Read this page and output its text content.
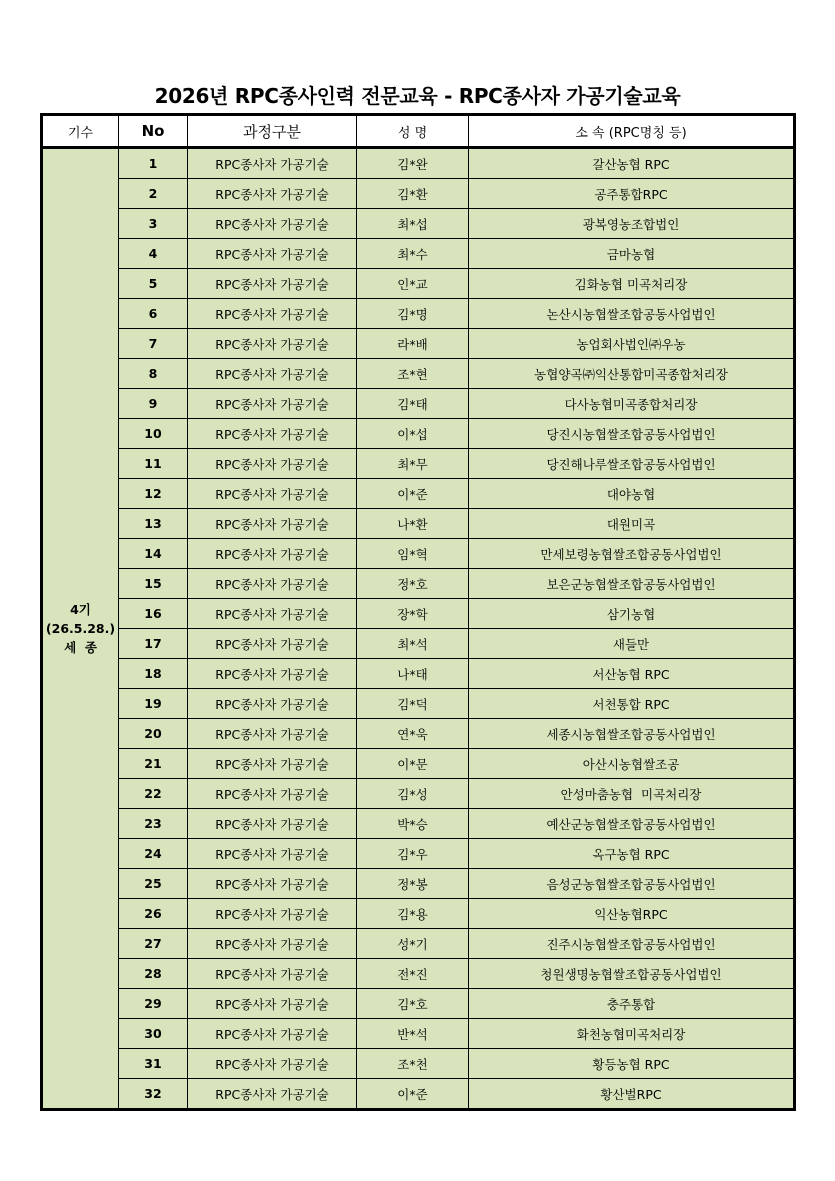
2026년 RPC종사인력 전문교육 - RPC종사자 가공기술교육
기수	No	과정구분	성 명	소 속 (RPC명칭 등)

4기
(26.5.28.)
세  종	1	RPC종사자 가공기술	김*완	갈산농협 RPC
	2	RPC종사자 가공기술	김*환	공주통합RPC
	3	RPC종사자 가공기술	최*섭	광복영농조합법인
	4	RPC종사자 가공기술	최*수	금마농협
	5	RPC종사자 가공기술	인*교	김화농협 미곡처리장
	6	RPC종사자 가공기술	김*명	논산시농협쌀조합공동사업법인
	7	RPC종사자 가공기술	라*배	농업회사법인㈜우농
	8	RPC종사자 가공기술	조*현	농협양곡㈜익산통합미곡종합처리장
	9	RPC종사자 가공기술	김*태	다사농협미곡종합처리장
	10	RPC종사자 가공기술	이*섭	당진시농협쌀조합공동사업법인
	11	RPC종사자 가공기술	최*무	당진해나루쌀조합공동사업법인
	12	RPC종사자 가공기술	이*준	대야농협
	13	RPC종사자 가공기술	나*환	대원미곡
	14	RPC종사자 가공기술	임*혁	만세보령농협쌀조합공동사업법인
	15	RPC종사자 가공기술	정*호	보은군농협쌀조합공동사업법인
	16	RPC종사자 가공기술	장*학	삼기농협
	17	RPC종사자 가공기술	최*석	새들만
	18	RPC종사자 가공기술	나*태	서산농협 RPC
	19	RPC종사자 가공기술	김*덕	서천통합 RPC
	20	RPC종사자 가공기술	연*욱	세종시농협쌀조합공동사업법인
	21	RPC종사자 가공기술	이*문	아산시농협쌀조공
	22	RPC종사자 가공기술	김*성	안성마춤농협  미곡처리장
	23	RPC종사자 가공기술	박*승	예산군농협쌀조합공동사업법인
	24	RPC종사자 가공기술	김*우	옥구농협 RPC
	25	RPC종사자 가공기술	정*봉	음성군농협쌀조합공동사업법인
	26	RPC종사자 가공기술	김*용	익산농협RPC
	27	RPC종사자 가공기술	성*기	진주시농협쌀조합공동사업법인
	28	RPC종사자 가공기술	전*진	청원생명농협쌀조합공동사업법인
	29	RPC종사자 가공기술	김*호	충주통합
	30	RPC종사자 가공기술	반*석	화천농협미곡처리장
	31	RPC종사자 가공기술	조*천	황등농협 RPC
	32	RPC종사자 가공기술	이*준	황산벌RPC
